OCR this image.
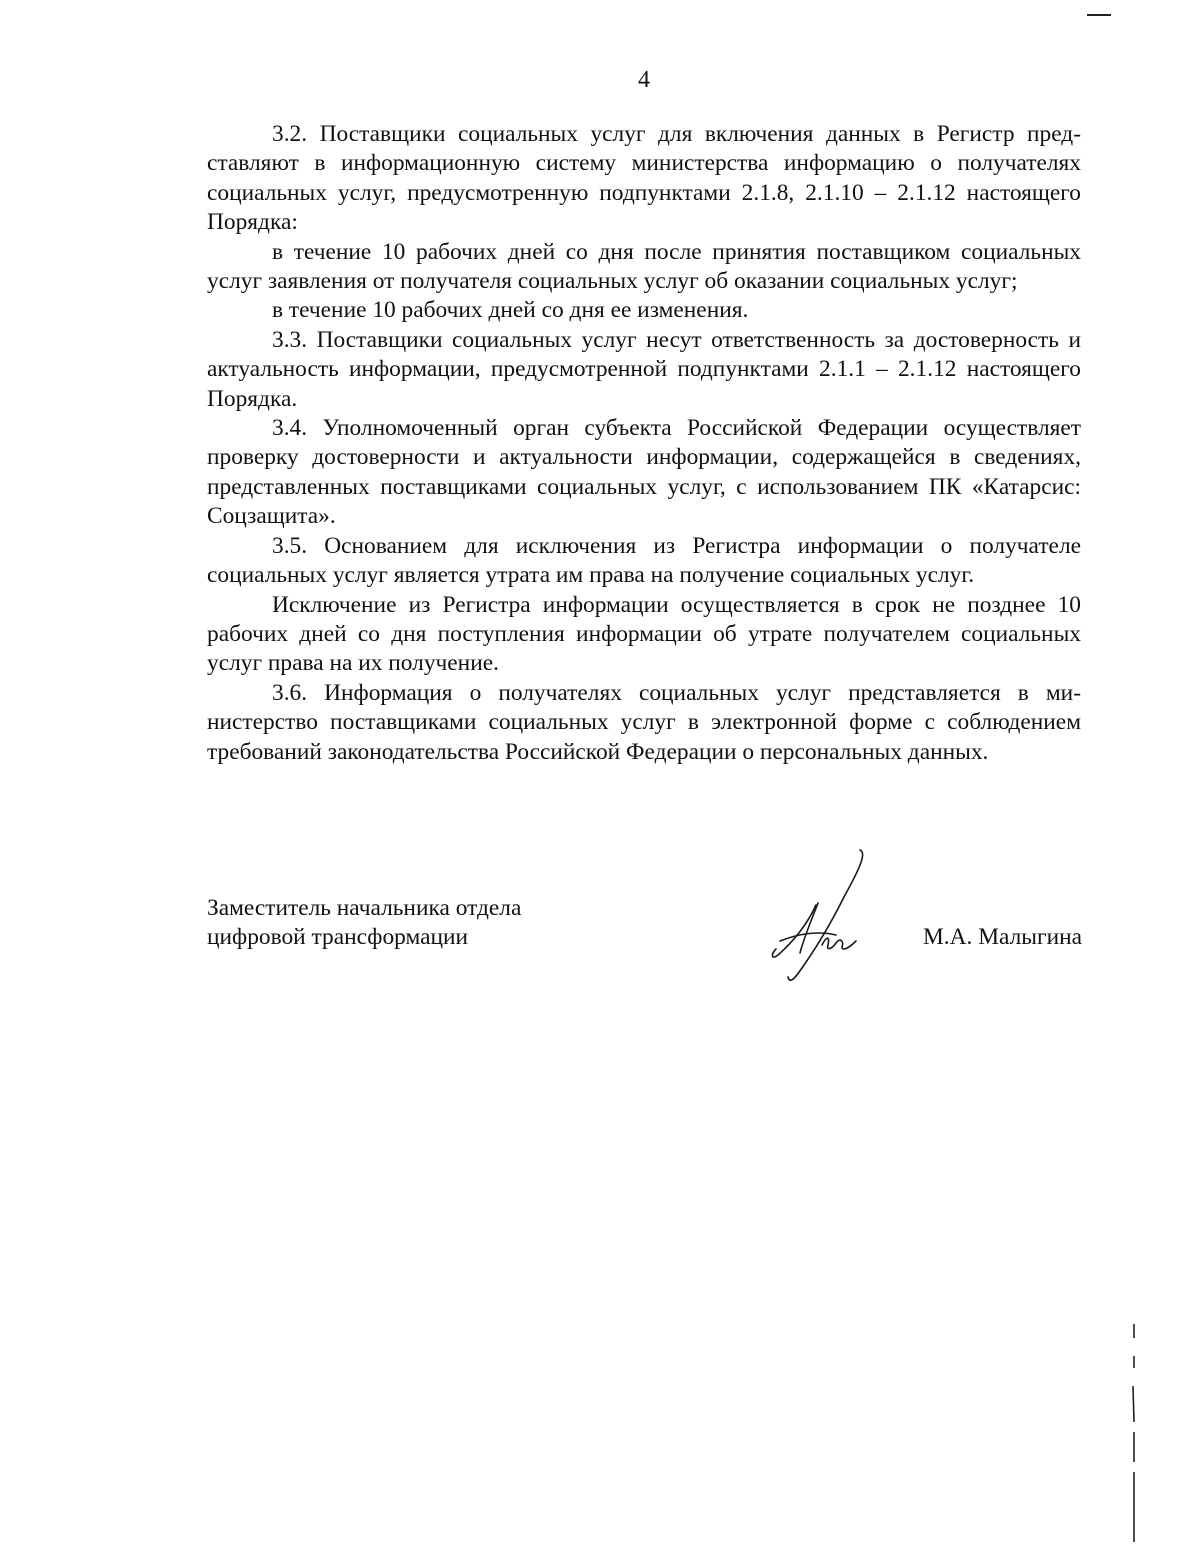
4

3.2. Поставщики социальных услуг для включения данных в Регистр представляют в информационную систему министерства информацию о получателях социальных услуг, предусмотренную подпунктами 2.1.8, 2.1.10 – 2.1.12 настоящего Порядка:

в течение 10 рабочих дней со дня после принятия поставщиком социальных услуг заявления от получателя социальных услуг об оказании социальных услуг;

в течение 10 рабочих дней со дня ее изменения.

3.3. Поставщики социальных услуг несут ответственность за достоверность и актуальность информации, предусмотренной подпунктами 2.1.1 – 2.1.12 настоящего Порядка.

3.4. Уполномоченный орган субъекта Российской Федерации осуществляет проверку достоверности и актуальности информации, содержащейся в сведениях, представленных поставщиками социальных услуг, с использованием ПК «Катарсис: Соцзащита».

3.5. Основанием для исключения из Регистра информации о получателе социальных услуг является утрата им права на получение социальных услуг.

Исключение из Регистра информации осуществляется в срок не позднее 10 рабочих дней со дня поступления информации об утрате получателем социальных услуг права на их получение.

3.6. Информация о получателях социальных услуг представляется в министерство поставщиками социальных услуг в электронной форме с соблюдением требований законодательства Российской Федерации о персональных данных.

Заместитель начальника отдела
цифровой трансформации	М.А. Малыгина
